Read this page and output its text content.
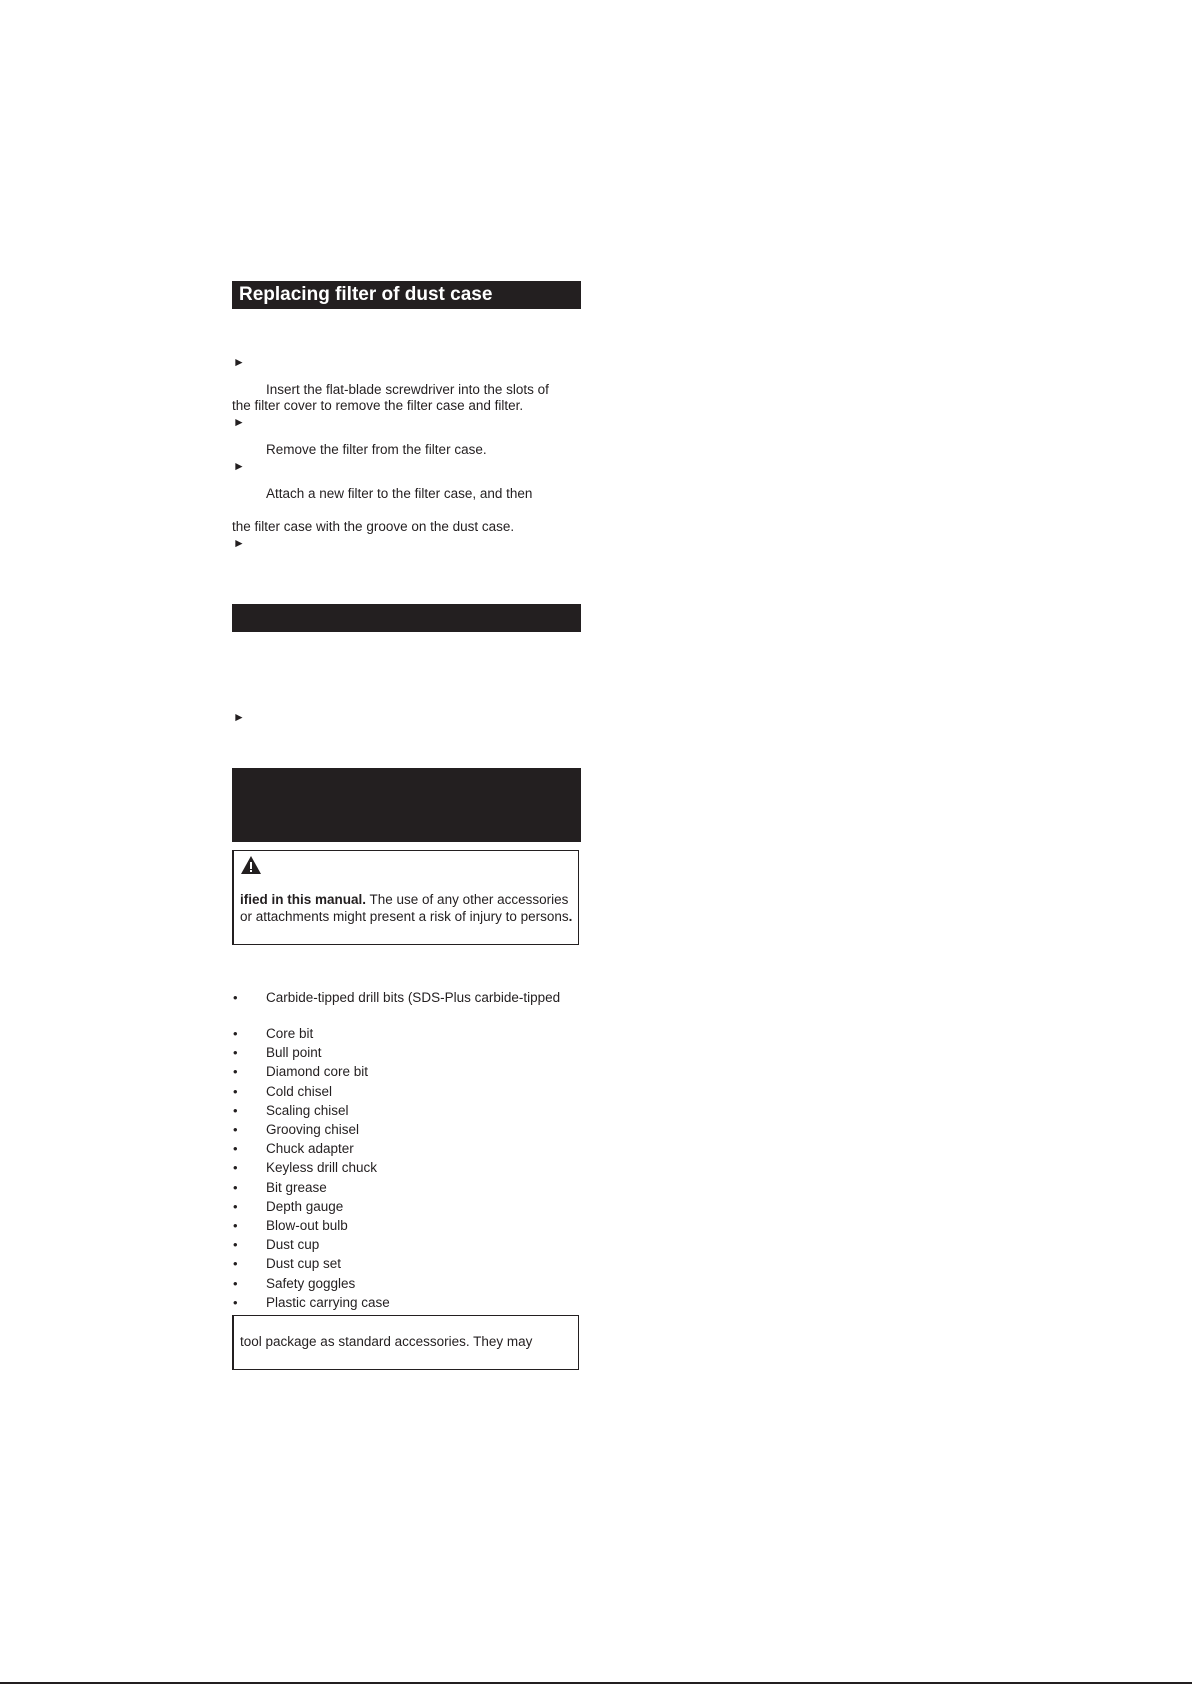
Replacing filter of dust case
►
Insert the flat-blade screwdriver into the slots of
the filter cover to remove the filter case and filter.
►
Remove the filter from the filter case.
►
Attach a new filter to the filter case, and then
the filter case with the groove on the dust case.
►
►
ified in this manual. The use of any other accessories
or attachments might present a risk of injury to persons.
• Carbide-tipped drill bits (SDS-Plus carbide-tipped
• Core bit
• Bull point
• Diamond core bit
• Cold chisel
• Scaling chisel
• Grooving chisel
• Chuck adapter
• Keyless drill chuck
• Bit grease
• Depth gauge
• Blow-out bulb
• Dust cup
• Dust cup set
• Safety goggles
• Plastic carrying case
tool package as standard accessories. They may
